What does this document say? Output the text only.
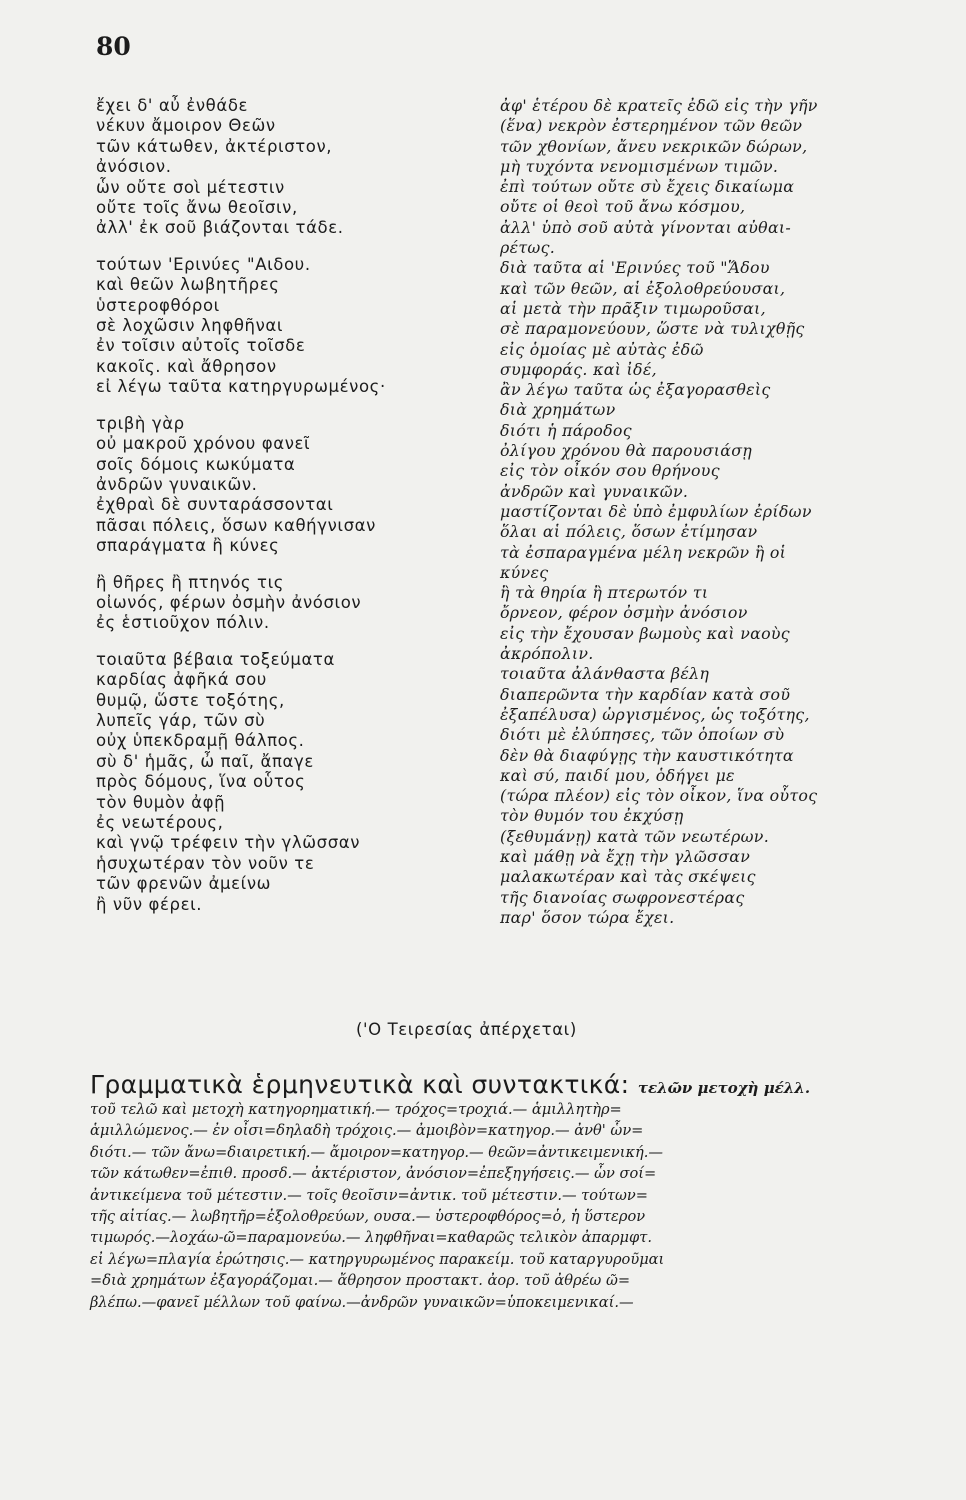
80
ἔχει δ' αὖ ἐνθάδε
νέκυν ἄμοιρον Θεῶν
τῶν κάτωθεν, ἀκτέριστον,
ἀνόσιον.
ὧν οὔτε σοὶ μέτεστιν
οὔτε τοῖς ἄνω θεοῖσιν,
ἀλλ' ἐκ σοῦ βιάζονται τάδε.
τούτων 'Ερινύες "Αιδου.
καὶ θεῶν λωβητῆρες
ὑστεροφθόροι
σὲ λοχῶσιν ληφθῆναι
ἐν τοῖσιν αὐτοῖς τοῖσδε
κακοῖς. καὶ ἄθρησον
εἰ λέγω ταῦτα κατηργυρωμένος·
τριβὴ γὰρ
οὐ μακροῦ χρόνου φανεῖ
σοῖς δόμοις κωκύματα
ἀνδρῶν γυναικῶν.
ἐχθραὶ δὲ συνταράσσονται
πᾶσαι πόλεις, ὅσων καθήγνισαν
σπαράγματα ἢ κύνες
ἢ θῆρες ἢ πτηνός τις
οἰωνός, φέρων ὀσμὴν ἀνόσιον
ἐς ἑστιοῦχον πόλιν.
τοιαῦτα βέβαια τοξεύματα
καρδίας ἀφῆκά σου
θυμῷ, ὥστε τοξότης,
λυπεῖς γάρ, τῶν σὺ
οὐχ ὑπεκδραμῇ θάλπος.
σὺ δ' ἡμᾶς, ὦ παῖ, ἄπαγε
πρὸς δόμους, ἵνα οὗτος
τὸν θυμὸν ἀφῇ
ἐς νεωτέρους,
καὶ γνῷ τρέφειν τὴν γλῶσσαν
ἡσυχωτέραν τὸν νοῦν τε
τῶν φρενῶν ἀμείνω
ἢ νῦν φέρει.
ἀφ' ἑτέρου δὲ κρατεῖς ἐδῶ εἰς τὴν γῆν
(ἕνα) νεκρὸν ἐστερημένον τῶν θεῶν
τῶν χθονίων, ἄνευ νεκρικῶν δώρων,
μὴ τυχόντα νενομισμένων τιμῶν.
ἐπὶ τούτων οὔτε σὺ ἔχεις δικαίωμα
οὔτε οἱ θεοὶ τοῦ ἄνω κόσμου,
ἀλλ' ὑπὸ σοῦ αὐτὰ γίνονται αὐθαι-
ρέτως.
διὰ ταῦτα αἱ 'Ερινύες τοῦ "Ἅδου
καὶ τῶν θεῶν, αἱ ἐξολοθρεύουσαι,
αἱ μετὰ τὴν πρᾶξιν τιμωροῦσαι,
σὲ παραμονεύουν, ὥστε νὰ τυλιχθῇς
εἰς ὁμοίας μὲ αὐτὰς ἐδῶ
συμφοράς. καὶ ἰδέ,
ἂν λέγω ταῦτα ὡς ἐξαγορασθεὶς
διὰ χρημάτων
διότι ἡ πάροδος
ὀλίγου χρόνου θὰ παρουσιάσῃ
εἰς τὸν οἶκόν σου θρήνους
ἀνδρῶν καὶ γυναικῶν.
μαστίζονται δὲ ὑπὸ ἐμφυλίων ἐρίδων
ὅλαι αἱ πόλεις, ὅσων ἐτίμησαν
τὰ ἐσπαραγμένα μέλη νεκρῶν ἢ οἱ
κύνες
ἢ τὰ θηρία ἢ πτερωτόν τι
ὄρνεον, φέρον ὀσμὴν ἀνόσιον
εἰς τὴν ἔχουσαν βωμοὺς καὶ ναοὺς
ἀκρόπολιν.
τοιαῦτα ἀλάνθαστα βέλη
διαπερῶντα τὴν καρδίαν κατὰ σοῦ
ἐξαπέλυσα) ὠργισμένος, ὡς τοξότης,
διότι μὲ ἐλύπησες, τῶν ὁποίων σὺ
δὲν θὰ διαφύγῃς τὴν καυστικότητα
καὶ σύ, παιδί μου, ὁδήγει με
(τώρα πλέον) εἰς τὸν οἶκον, ἵνα οὗτος
τὸν θυμόν του ἐκχύσῃ
(ξεθυμάνῃ) κατὰ τῶν νεωτέρων.
καὶ μάθῃ νὰ ἔχῃ τὴν γλῶσσαν
μαλακωτέραν καὶ τὰς σκέψεις
τῆς διανοίας σωφρονεστέρας
παρ' ὅσον τώρα ἔχει.
('Ο Τειρεσίας ἀπέρχεται)
Γραμματικὰ ἑρμηνευτικὰ καὶ συντακτικά: τελῶν μετοχὴ μέλλ.
τοῦ τελῶ καὶ μετοχὴ κατηγορηματική.— τρόχος=τροχιά.— ἁμιλλητὴρ=
ἁμιλλώμενος.— ἐν οἶσι=δηλαδὴ τρόχοις.— ἀμοιβὸν=κατηγορ.— ἀνθ' ὧν=
διότι.— τῶν ἄνω=διαιρετική.— ἄμοιρον=κατηγορ.— θεῶν=ἀντικειμενική.—
τῶν κάτωθεν=ἐπιθ. προσδ.— ἀκτέριστον, ἀνόσιον=ἐπεξηγήσεις.— ὧν σοί=
ἀντικείμενα τοῦ μέτεστιν.— τοῖς θεοῖσιν=ἀντικ. τοῦ μέτεστιν.— τούτων=
τῆς αἰτίας.— λωβητῆρ=ἐξολοθρεύων, ουσα.— ὑστεροφθόρος=ὁ, ἡ ὕστερον
τιμωρός.—λοχάω-ῶ=παραμονεύω.— ληφθῆναι=καθαρῶς τελικὸν ἀπαρμφτ.
εἰ λέγω=πλαγία ἐρώτησις.— κατηργυρωμένος παρακείμ. τοῦ καταργυροῦμαι
=διὰ χρημάτων ἐξαγοράζομαι.— ἄθρησον προστακτ. ἀορ. τοῦ ἀθρέω ῶ=
βλέπω.—φανεῖ μέλλων τοῦ φαίνω.—ἀνδρῶν γυναικῶν=ὑποκειμενικαί.—
